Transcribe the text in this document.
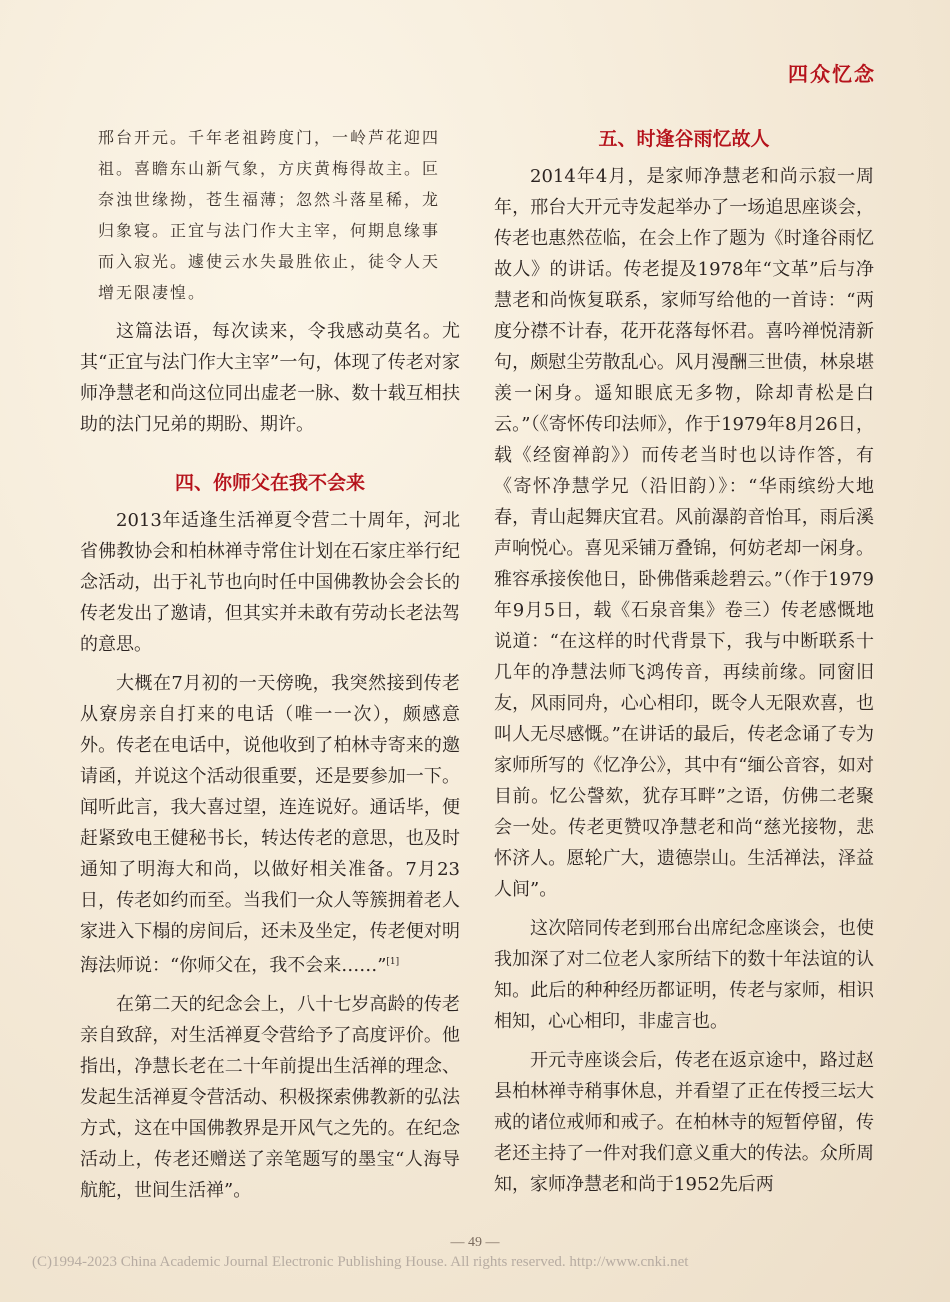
四众忆念

邢台开元。千年老祖跨度门，一岭芦花迎四

祖。喜瞻东山新气象，方庆黄梅得故主。叵

奈浊世缘拗，苍生福薄；忽然斗落星稀，龙

归象寝。正宜与法门作大主宰，何期息缘事

而入寂光。遽使云水失最胜依止，徒令人天

增无限凄惶。

这篇法语，每次读来，令我感动莫名。尤其“正宜与法门作大主宰”一句，体现了传老对家师净慧老和尚这位同出虚老一脉、数十载互相扶助的法门兄弟的期盼、期许。

四、你师父在我不会来

2013年适逢生活禅夏令营二十周年，河北省佛教协会和柏林禅寺常住计划在石家庄举行纪念活动，出于礼节也向时任中国佛教协会会长的传老发出了邀请，但其实并未敢有劳动长老法驾的意思。

大概在7月初的一天傍晚，我突然接到传老从寮房亲自打来的电话（唯一一次），颇感意外。传老在电话中，说他收到了柏林寺寄来的邀请函，并说这个活动很重要，还是要参加一下。闻听此言，我大喜过望，连连说好。通话毕，便赶紧致电王健秘书长，转达传老的意思，也及时通知了明海大和尚，以做好相关准备。7月23日，传老如约而至。当我们一众人等簇拥着老人家进入下榻的房间后，还未及坐定，传老便对明海法师说：“你师父在，我不会来……”[1]

在第二天的纪念会上，八十七岁高龄的传老亲自致辞，对生活禅夏令营给予了高度评价。他指出，净慧长老在二十年前提出生活禅的理念、发起生活禅夏令营活动、积极探索佛教新的弘法方式，这在中国佛教界是开风气之先的。在纪念活动上，传老还赠送了亲笔题写的墨宝“人海导航舵，世间生活禅”。

五、时逢谷雨忆故人

2014年4月，是家师净慧老和尚示寂一周年，邢台大开元寺发起举办了一场追思座谈会，传老也惠然莅临，在会上作了题为《时逢谷雨忆故人》的讲话。传老提及1978年“文革”后与净慧老和尚恢复联系，家师写给他的一首诗：“两度分襟不计春，花开花落每怀君。喜吟禅悦清新句，颇慰尘劳散乱心。风月漫酬三世债，林泉堪羡一闲身。遥知眼底无多物，除却青松是白云。”（《寄怀传印法师》，作于1979年8月26日，载《经窗禅韵》）而传老当时也以诗作答，有《寄怀净慧学兄（沿旧韵）》：“华雨缤纷大地春，青山起舞庆宜君。风前瀑韵音怡耳，雨后溪声响悦心。喜见采铺万叠锦，何妨老却一闲身。雅容承接俟他日，卧佛偕乘趁碧云。”（作于1979年9月5日，载《石泉音集》卷三）传老感慨地说道：“在这样的时代背景下，我与中断联系十几年的净慧法师飞鸿传音，再续前缘。同窗旧友，风雨同舟，心心相印，既令人无限欢喜，也叫人无尽感慨。”在讲话的最后，传老念诵了专为家师所写的《忆净公》，其中有“缅公音容，如对目前。忆公謦欬，犹存耳畔”之语，仿佛二老聚会一处。传老更赞叹净慧老和尚“慈光接物，悲怀济人。愿轮广大，遗德崇山。生活禅法，泽益人间”。

这次陪同传老到邢台出席纪念座谈会，也使我加深了对二位老人家所结下的数十年法谊的认知。此后的种种经历都证明，传老与家师，相识相知，心心相印，非虚言也。

开元寺座谈会后，传老在返京途中，路过赵县柏林禅寺稍事休息，并看望了正在传授三坛大戒的诸位戒师和戒子。在柏林寺的短暂停留，传老还主持了一件对我们意义重大的传法。众所周知，家师净慧老和尚于1952先后两

— 49 —
(C)1994-2023 China Academic Journal Electronic Publishing House. All rights reserved. http://www.cnki.net
